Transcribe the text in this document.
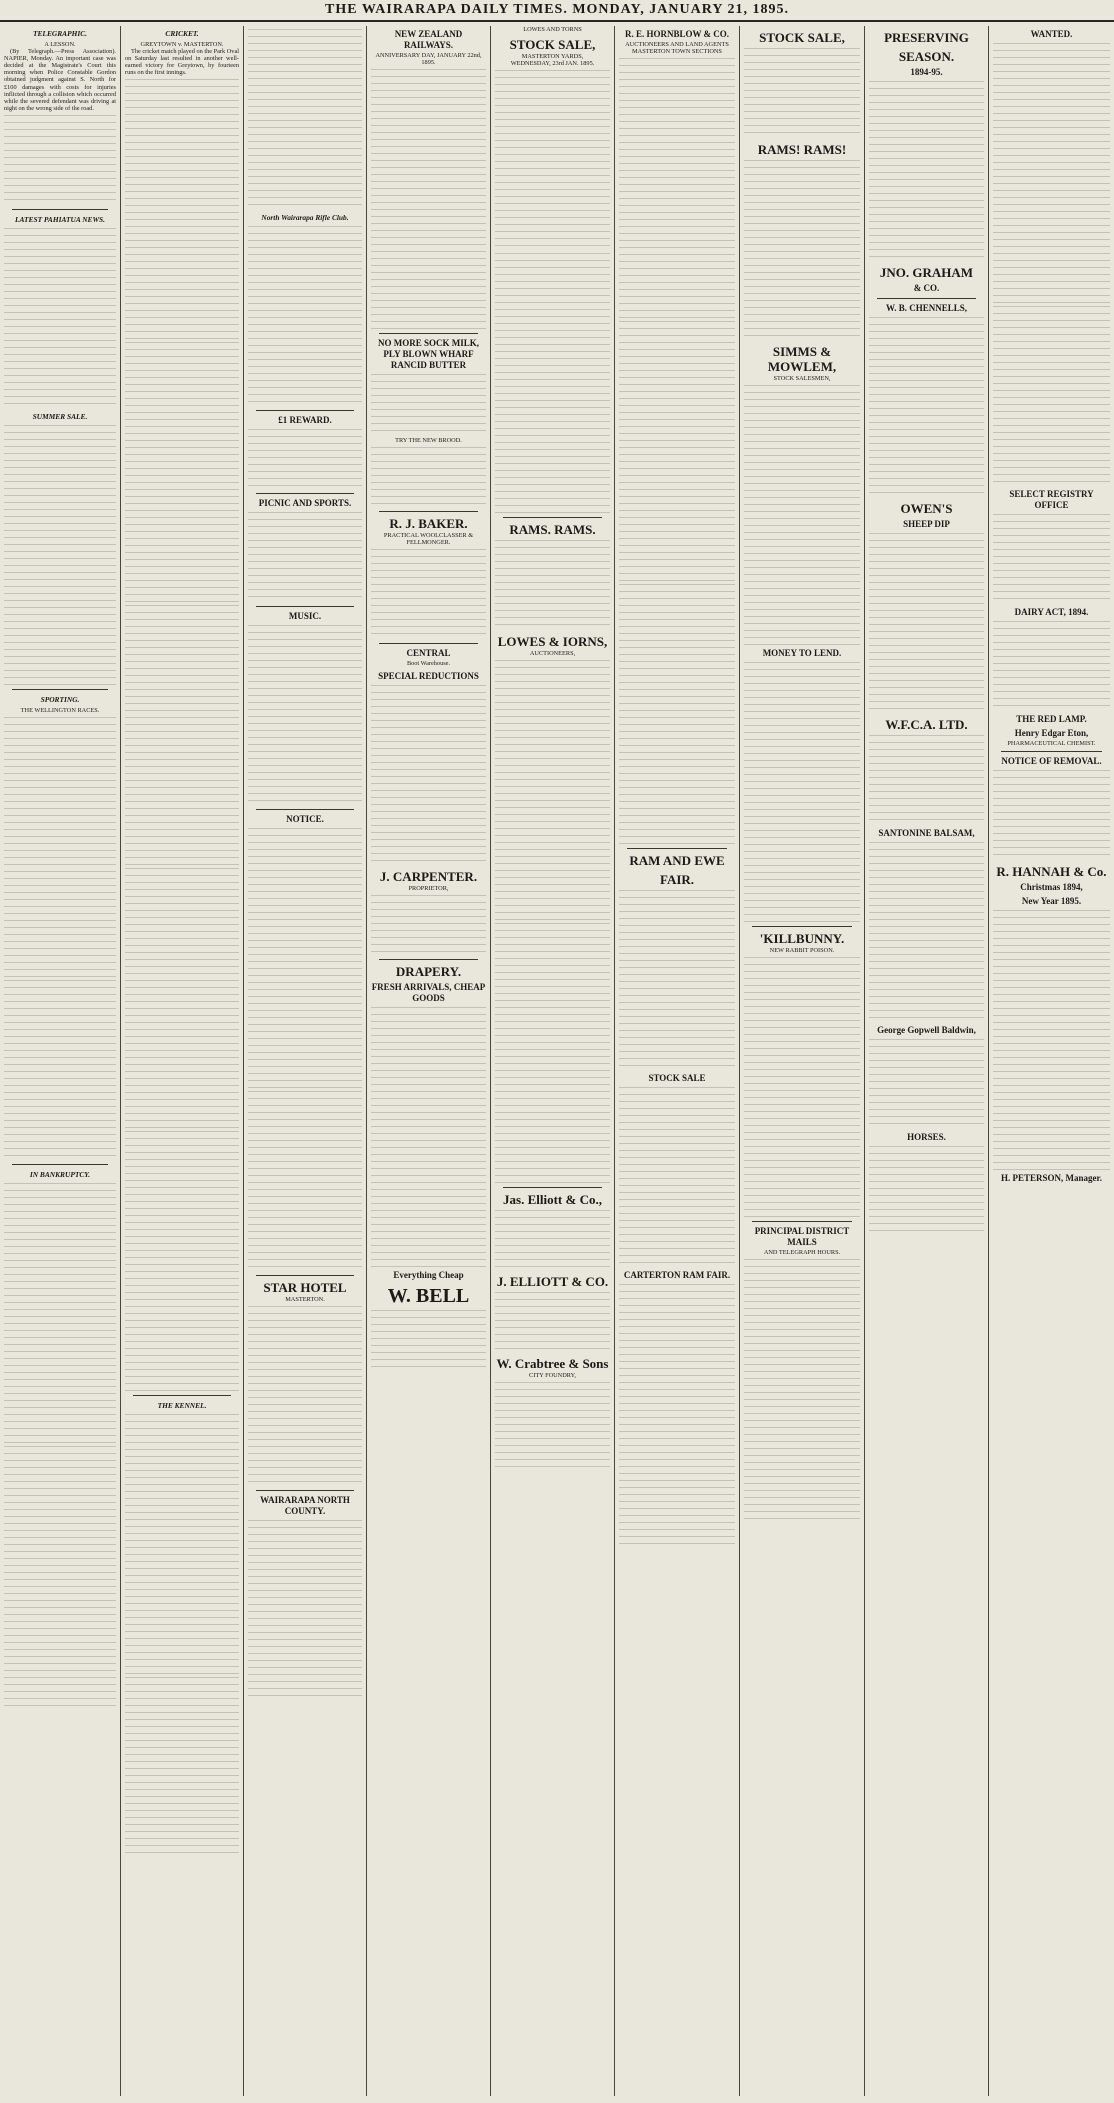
THE WAIRARAPA DAILY TIMES. MONDAY, JANUARY 21, 1895.
TELEGRAPHIC.
A LESSON.
(By Telegraph.—Press Association). NAPIER, Monday. An important case was decided at the Magistrate's Court this morning when Police Constable Gordon obtained judgment against S. North for £100 damages with costs for injuries inflicted through a collision which occurred while the severed defendant was driving at night on the wrong side of the road.
LATEST PAHIATUA NEWS.
SUMMER SALE.
SPORTING.
THE WELLINGTON RACES.
IN BANKRUPTCY.
CRICKET.
GREYTOWN v. MASTERTON.
The cricket match played on the Park Oval on Saturday last resulted in another well-earned victory for Greytown, by fourteen runs on the first innings.
THE KENNEL.
North Wairarapa Rifle Club.
£1 REWARD.
PICNIC AND SPORTS.
MUSIC.
NOTICE.
STAR HOTEL
MASTERTON.
WAIRARAPA NORTH COUNTY.
NEW ZEALAND RAILWAYS.
ANNIVERSARY DAY, JANUARY 22nd, 1895.
NO MORE SOCK MILK, PLY BLOWN WHARF RANCID BUTTER
TRY THE NEW BROOD.
R. J. BAKER.
PRACTICAL WOOLCLASSER & FELLMONGER.
CENTRAL
Boot Warehouse.
SPECIAL REDUCTIONS
J. CARPENTER.
PROPRIETOR,
DRAPERY.
FRESH ARRIVALS, CHEAP GOODS
Everything Cheap
W. BELL
LOWES AND TORNS
STOCK SALE,
MASTERTON YARDS,
WEDNESDAY, 23rd JAN. 1895.
RAMS. RAMS.
LOWES & IORNS,
AUCTIONEERS,
Jas. Elliott & Co.,
J. ELLIOTT & CO.
W. Crabtree & Sons
CITY FOUNDRY,
R. E. HORNBLOW & CO.
AUCTIONEERS AND LAND AGENTS
MASTERTON TOWN SECTIONS
RAM AND EWE
FAIR.
STOCK SALE
CARTERTON RAM FAIR.
STOCK SALE,
RAMS! RAMS!
SIMMS & MOWLEM,
STOCK SALESMEN,
MONEY TO LEND.
'KILLBUNNY.
NEW RABBIT POISON.
PRINCIPAL DISTRICT MAILS
AND TELEGRAPH HOURS.
PRESERVING
SEASON.
1894-95.
JNO. GRAHAM
& CO.
W. B. CHENNELLS,
OWEN'S
SHEEP DIP
W.F.C.A. LTD.
SANTONINE BALSAM,
George Gopwell Baldwin,
HORSES.
WANTED.
SELECT REGISTRY OFFICE
DAIRY ACT, 1894.
THE RED LAMP.
Henry Edgar Eton,
PHARMACEUTICAL CHEMIST.
NOTICE OF REMOVAL.
R. HANNAH & Co.
Christmas 1894,
New Year 1895.
H. PETERSON, Manager.
